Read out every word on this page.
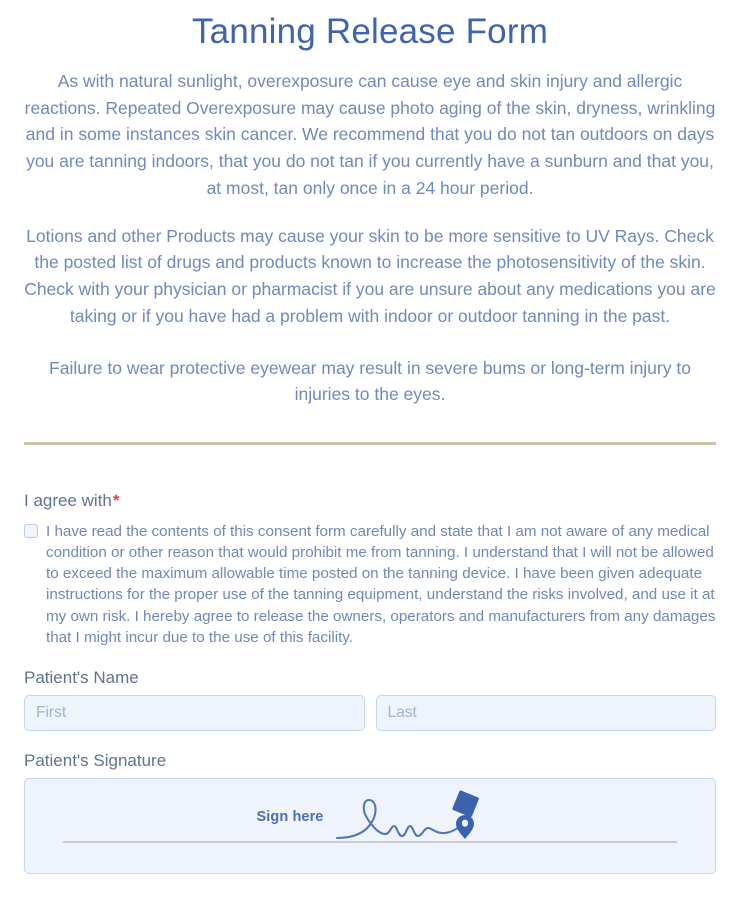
Tanning Release Form

As with natural sunlight, overexposure can cause eye and skin injury and allergic reactions. Repeated Overexposure may cause photo aging of the skin, dryness, wrinkling and in some instances skin cancer. We recommend that you do not tan outdoors on days you are tanning indoors, that you do not tan if you currently have a sunburn and that you, at most, tan only once in a 24 hour period.

Lotions and other Products may cause your skin to be more sensitive to UV Rays. Check the posted list of drugs and products known to increase the photosensitivity of the skin. Check with your physician or pharmacist if you are unsure about any medications you are taking or if you have had a problem with indoor or outdoor tanning in the past.

Failure to wear protective eyewear may result in severe bums or long-term injury to injuries to the eyes.

I agree with*
I have read the contents of this consent form carefully and state that I am not aware of any medical condition or other reason that would prohibit me from tanning. I understand that I will not be allowed to exceed the maximum allowable time posted on the tanning device. I have been given adequate instructions for the proper use of the tanning equipment, understand the risks involved, and use it at my own risk. I hereby agree to release the owners, operators and manufacturers from any damages that I might incur due to the use of this facility.
Patient's Name
First
Last
Patient's Signature
Sign here
